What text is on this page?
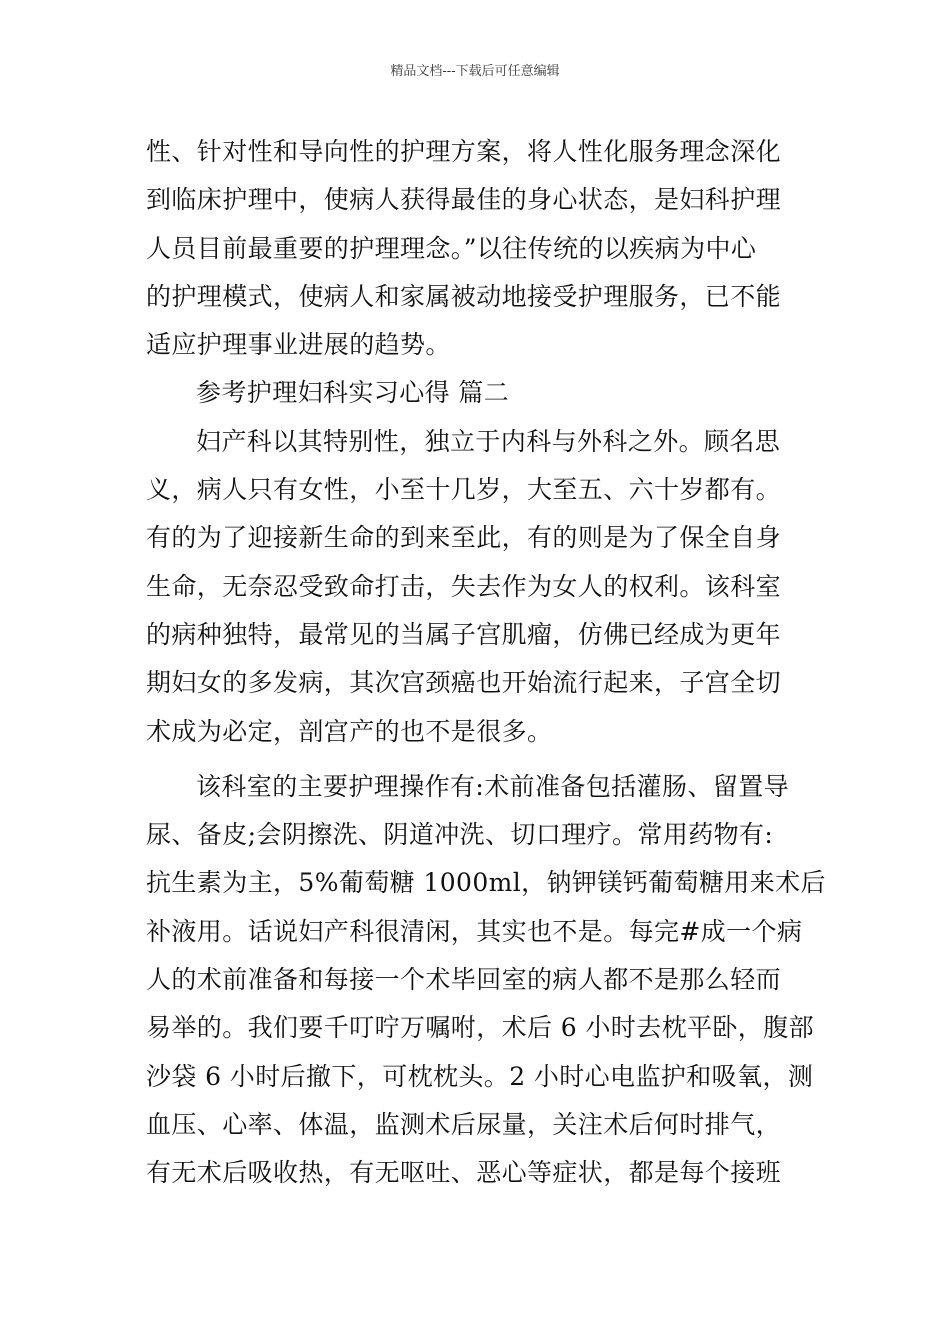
精品文档---下载后可任意编辑
性、针对性和导向性的护理方案，将人性化服务理念深化
到临床护理中，使病人获得最佳的身心状态，是妇科护理
人员目前最重要的护理理念。”以往传统的以疾病为中心
的护理模式，使病人和家属被动地接受护理服务，已不能
适应护理事业进展的趋势。
参考护理妇科实习心得 篇二
妇产科以其特别性，独立于内科与外科之外。顾名思
义，病人只有女性，小至十几岁，大至五、六十岁都有。
有的为了迎接新生命的到来至此，有的则是为了保全自身
生命，无奈忍受致命打击，失去作为女人的权利。该科室
的病种独特，最常见的当属子宫肌瘤，仿佛已经成为更年
期妇女的多发病，其次宫颈癌也开始流行起来，子宫全切
术成为必定，剖宫产的也不是很多。
该科室的主要护理操作有:术前准备包括灌肠、留置导
尿、备皮;会阴擦洗、阴道冲洗、切口理疗。常用药物有:
抗生素为主，5%葡萄糖 1000ml，钠钾镁钙葡萄糖用来术后
补液用。话说妇产科很清闲，其实也不是。每完#成一个病
人的术前准备和每接一个术毕回室的病人都不是那么轻而
易举的。我们要千叮咛万嘱咐，术后 6 小时去枕平卧，腹部
沙袋 6 小时后撤下，可枕枕头。2 小时心电监护和吸氧，测
血压、心率、体温，监测术后尿量，关注术后何时排气，
有无术后吸收热，有无呕吐、恶心等症状，都是每个接班
